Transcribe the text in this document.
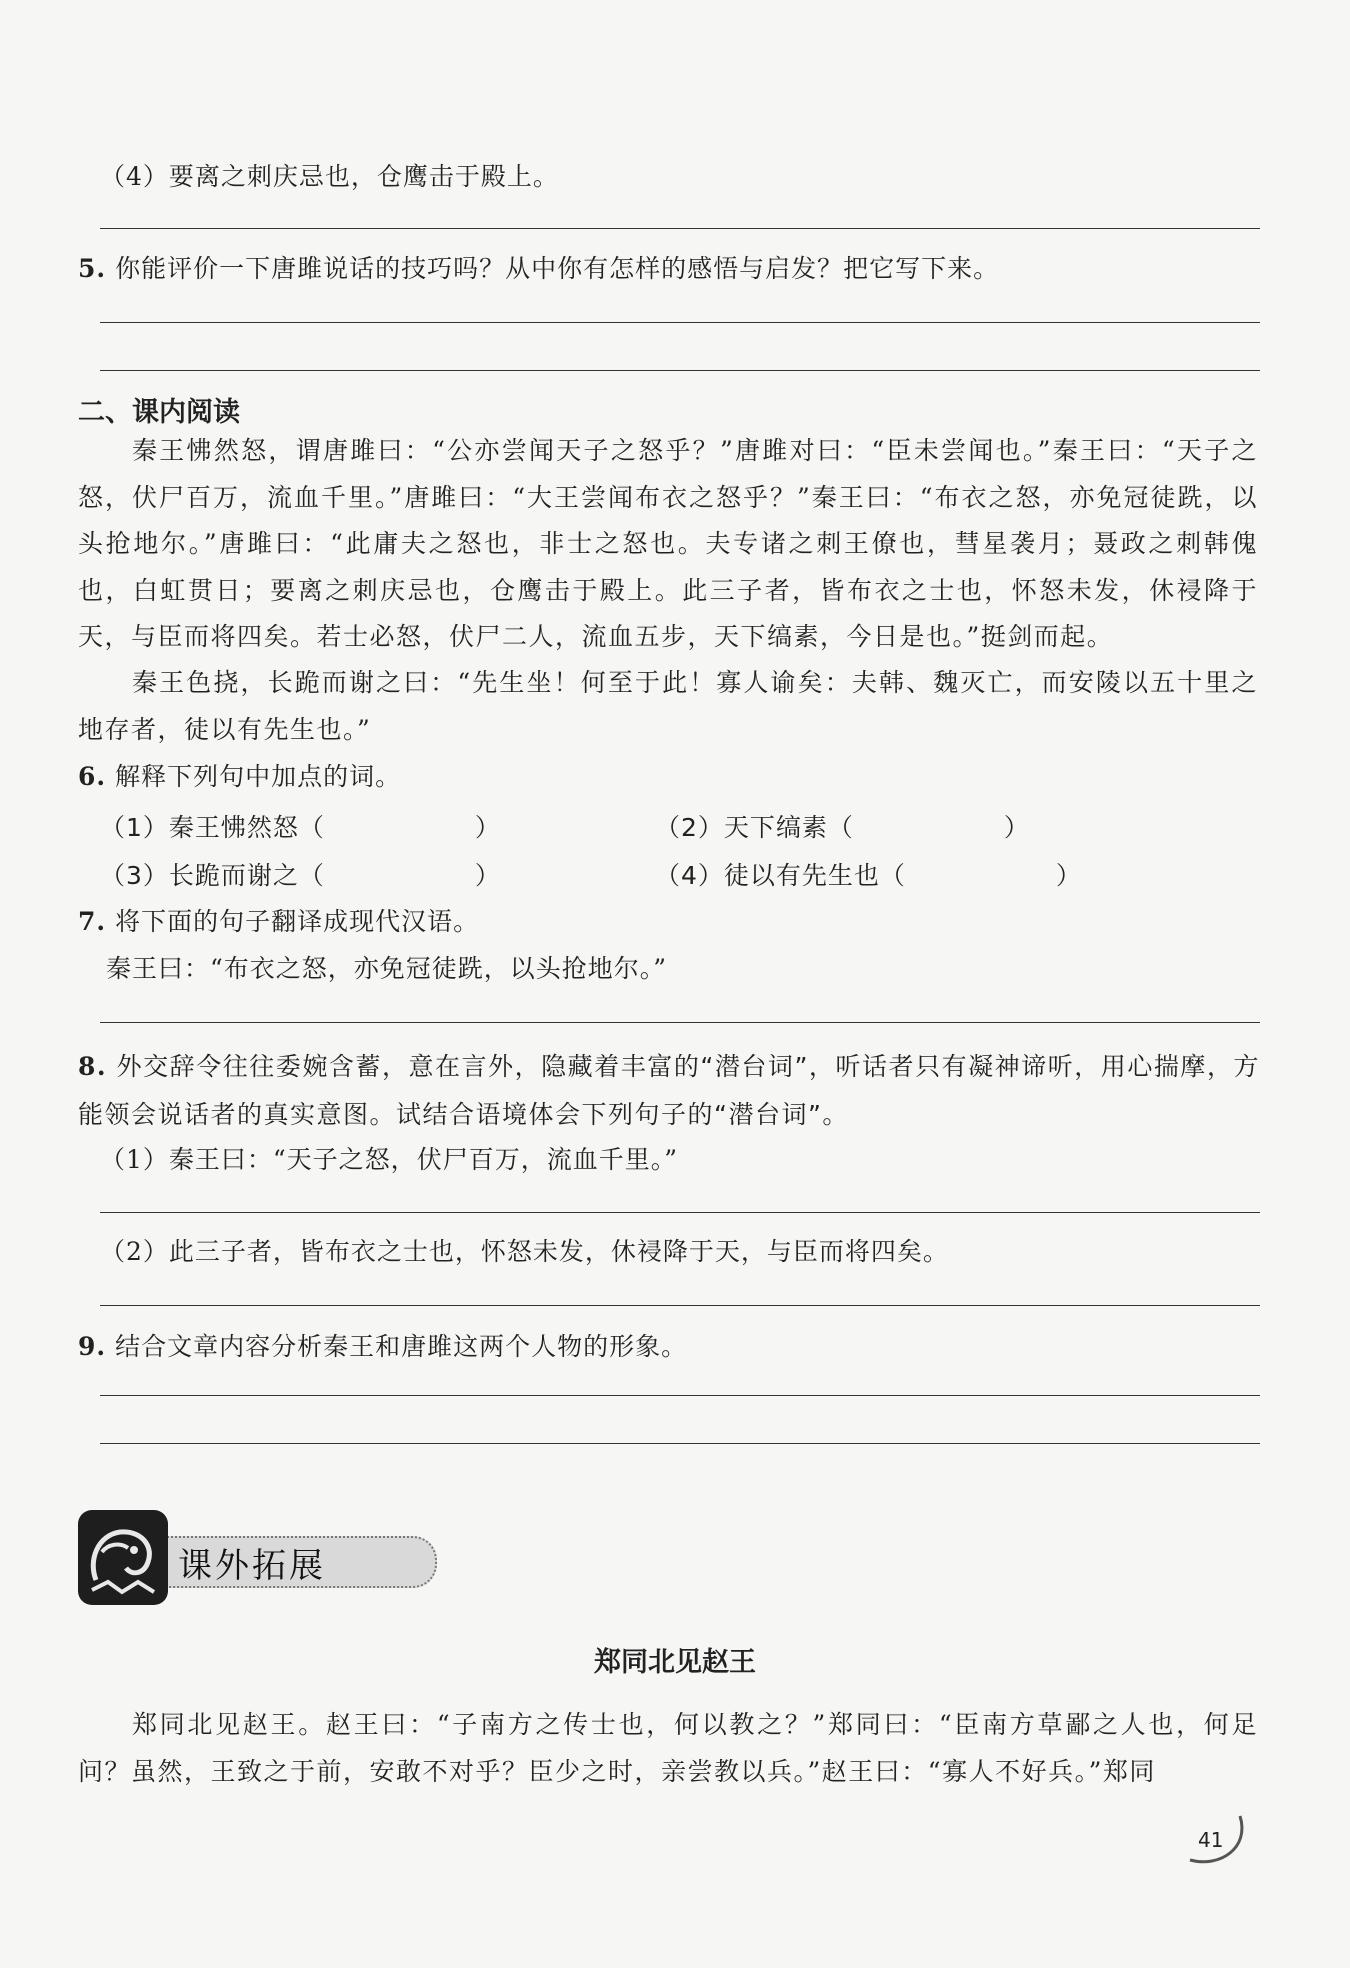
（4）要离之刺庆忌也，仓鹰击于殿上。
5. 你能评价一下唐雎说话的技巧吗？从中你有怎样的感悟与启发？把它写下来。
二、课内阅读
秦王怫然怒，谓唐雎曰：“公亦尝闻天子之怒乎？”唐雎对曰：“臣未尝闻也。”秦王曰：“天子之怒，伏尸百万，流血千里。”唐雎曰：“大王尝闻布衣之怒乎？”秦王曰：“布衣之怒，亦免冠徒跣，以头抢地尔。”唐雎曰：“此庸夫之怒也，非士之怒也。夫专诸之刺王僚也，彗星袭月；聂政之刺韩傀也，白虹贯日；要离之刺庆忌也，仓鹰击于殿上。此三子者，皆布衣之士也，怀怒未发，休祲降于天，与臣而将四矣。若士必怒，伏尸二人，流血五步，天下缟素，今日是也。”挺剑而起。
秦王色挠，长跪而谢之曰：“先生坐！何至于此！寡人谕矣：夫韩、魏灭亡，而安陵以五十里之地存者，徒以有先生也。”
6. 解释下列句中加点的词。
（1）秦王怫然怒（	）	（2）天下缟素（	）
（3）长跪而谢之（	）	（4）徒以有先生也（	）
7. 将下面的句子翻译成现代汉语。
秦王曰：“布衣之怒，亦免冠徒跣，以头抢地尔。”
8. 外交辞令往往委婉含蓄，意在言外，隐藏着丰富的“潜台词”，听话者只有凝神谛听，用心揣摩，方能领会说话者的真实意图。试结合语境体会下列句子的“潜台词”。
（1）秦王曰：“天子之怒，伏尸百万，流血千里。”
（2）此三子者，皆布衣之士也，怀怒未发，休祲降于天，与臣而将四矣。
9. 结合文章内容分析秦王和唐雎这两个人物的形象。
课外拓展
郑同北见赵王
郑同北见赵王。赵王曰：“子南方之传士也，何以教之？”郑同曰：“臣南方草鄙之人也，何足问？虽然，王致之于前，安敢不对乎？臣少之时，亲尝教以兵。”赵王曰：“寡人不好兵。”郑同
41
